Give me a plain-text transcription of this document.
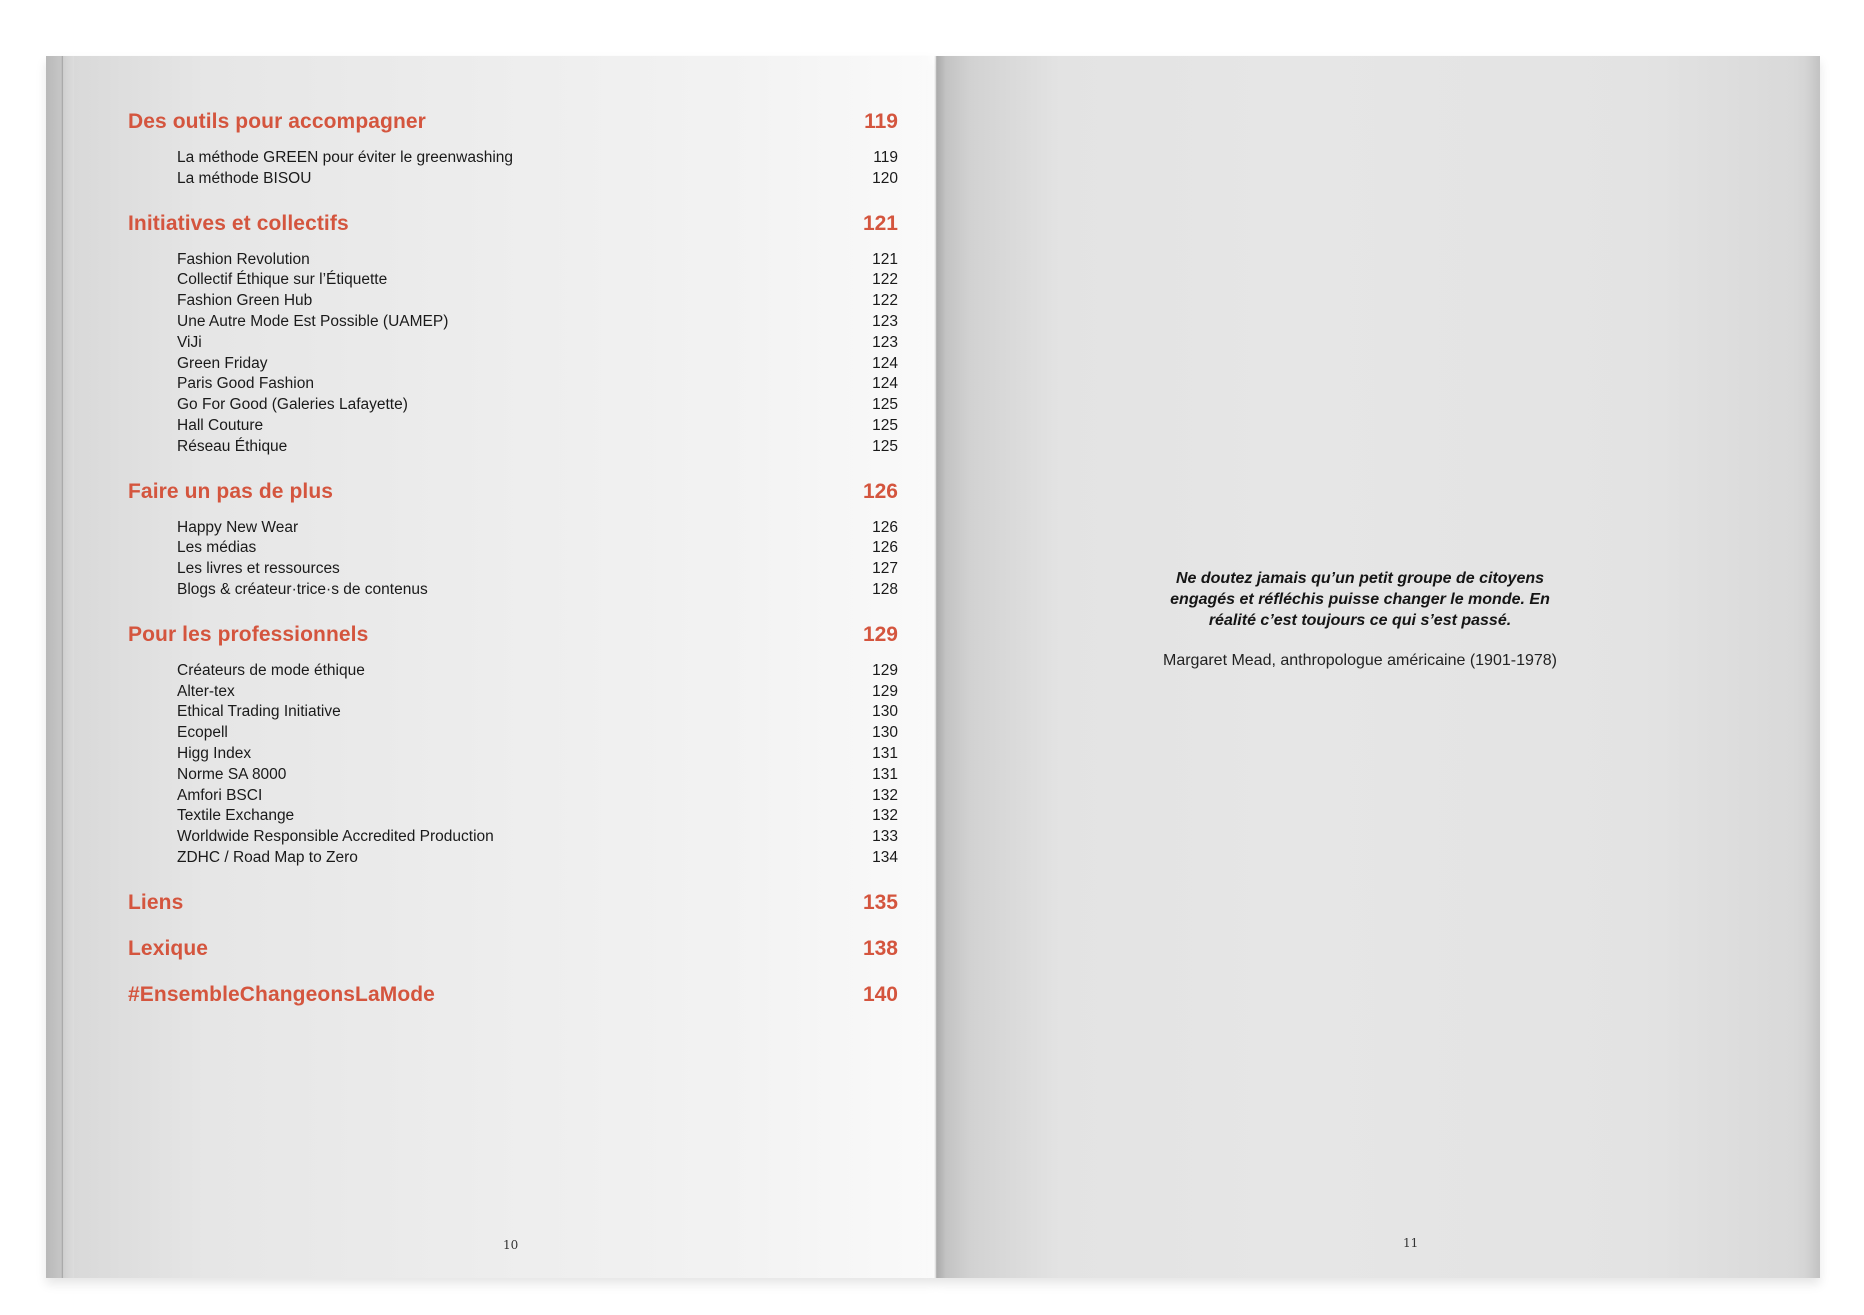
Des outils pour accompagner	119
La méthode GREEN pour éviter le greenwashing	119
La méthode BISOU	120
Initiatives et collectifs	121
Fashion Revolution	121
Collectif Éthique sur l’Étiquette	122
Fashion Green Hub	122
Une Autre Mode Est Possible (UAMEP)	123
ViJi	123
Green Friday	124
Paris Good Fashion	124
Go For Good (Galeries Lafayette)	125
Hall Couture	125
Réseau Éthique	125
Faire un pas de plus	126
Happy New Wear	126
Les médias	126
Les livres et ressources	127
Blogs & créateur·trice·s de contenus	128
Pour les professionnels	129
Créateurs de mode éthique	129
Alter-tex	129
Ethical Trading Initiative	130
Ecopell	130
Higg Index	131
Norme SA 8000	131
Amfori BSCI	132
Textile Exchange	132
Worldwide Responsible Accredited Production	133
ZDHC / Road Map to Zero	134
Liens	135
Lexique	138
#EnsembleChangeonsLaMode	140
10	11
Ne doutez jamais qu’un petit groupe de citoyens engagés et réfléchis puisse changer le monde. En réalité c’est toujours ce qui s’est passé.
Margaret Mead, anthropologue américaine (1901-1978)
